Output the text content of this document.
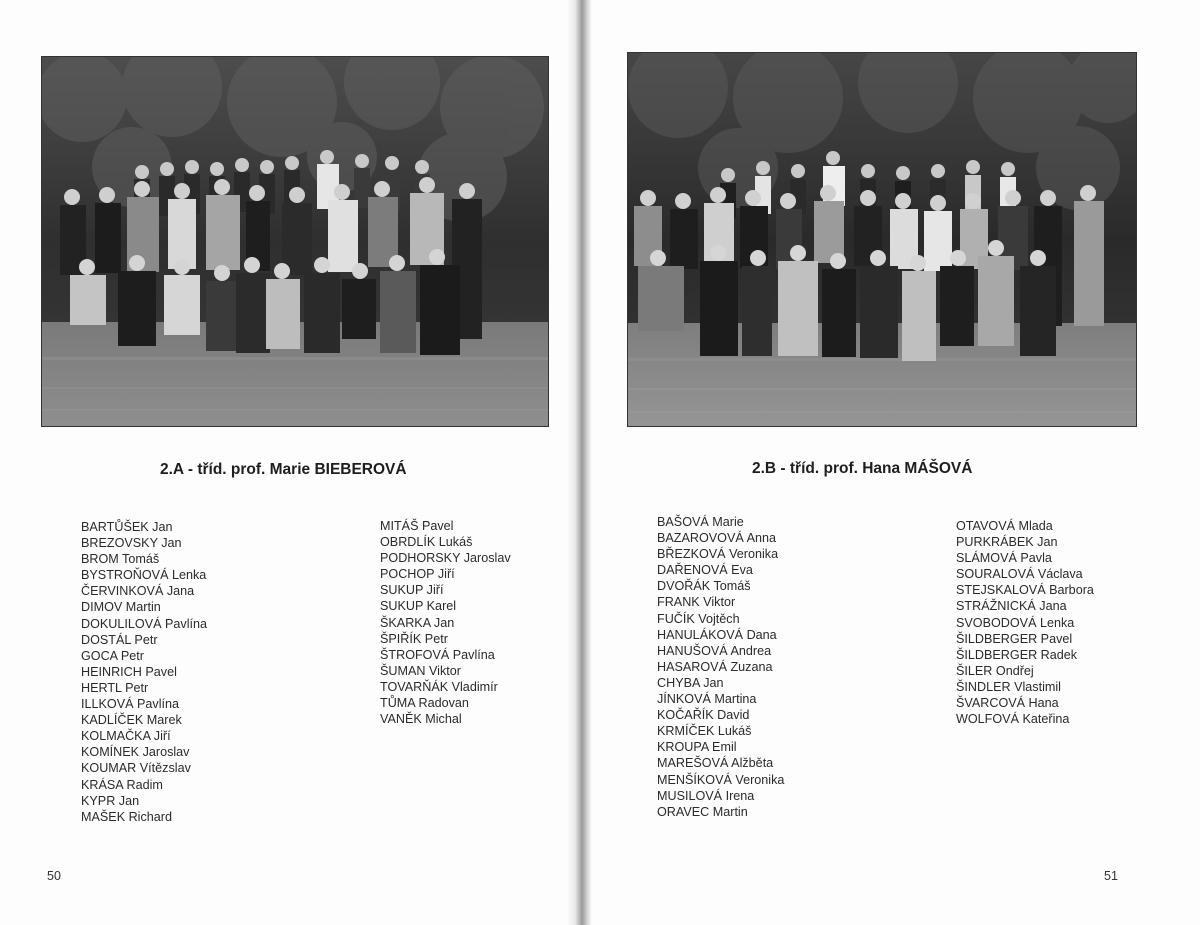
2.A - tříd. prof. Marie BIEBEROVÁ
BARTŮŠEK Jan
BREZOVSKY Jan
BROM Tomáš
BYSTROŇOVÁ Lenka
ČERVINKOVÁ Jana
DIMOV Martin
DOKULILOVÁ Pavlína
DOSTÁL Petr
GOCA Petr
HEINRICH Pavel
HERTL Petr
ILLKOVÁ Pavlína
KADLÍČEK Marek
KOLMAČKA Jiří
KOMÍNEK Jaroslav
KOUMAR Vítězslav
KRÁSA Radim
KYPR Jan
MAŠEK Richard
MITÁŠ Pavel
OBRDLÍK Lukáš
PODHORSKY Jaroslav
POCHOP Jiří
SUKUP Jiří
SUKUP Karel
ŠKARKA Jan
ŠPIŘÍK Petr
ŠTROFOVÁ Pavlína
ŠUMAN Viktor
TOVARŇÁK Vladimír
TŮMA Radovan
VANĚK Michal
50
2.B - tříd. prof. Hana MÁŠOVÁ
BAŠOVÁ Marie
BAZAROVOVÁ Anna
BŘEZKOVÁ Veronika
DAŘENOVÁ Eva
DVOŘÁK Tomáš
FRANK Viktor
FUČÍK Vojtěch
HANULÁKOVÁ Dana
HANUŠOVÁ Andrea
HASAROVÁ Zuzana
CHYBA Jan
JÍNKOVÁ Martina
KOČAŘÍK David
KRMÍČEK Lukáš
KROUPA Emil
MAREŠOVÁ Alžběta
MENŠÍKOVÁ Veronika
MUSILOVÁ Irena
ORAVEC Martin
OTAVOVÁ Mlada
PURKRÁBEK Jan
SLÁMOVÁ Pavla
SOURALOVÁ Václava
STEJSKALOVÁ Barbora
STRÁŽNICKÁ Jana
SVOBODOVÁ Lenka
ŠILDBERGER Pavel
ŠILDBERGER Radek
ŠILER Ondřej
ŠINDLER Vlastimil
ŠVARCOVÁ Hana
WOLFOVÁ Kateřina
51
